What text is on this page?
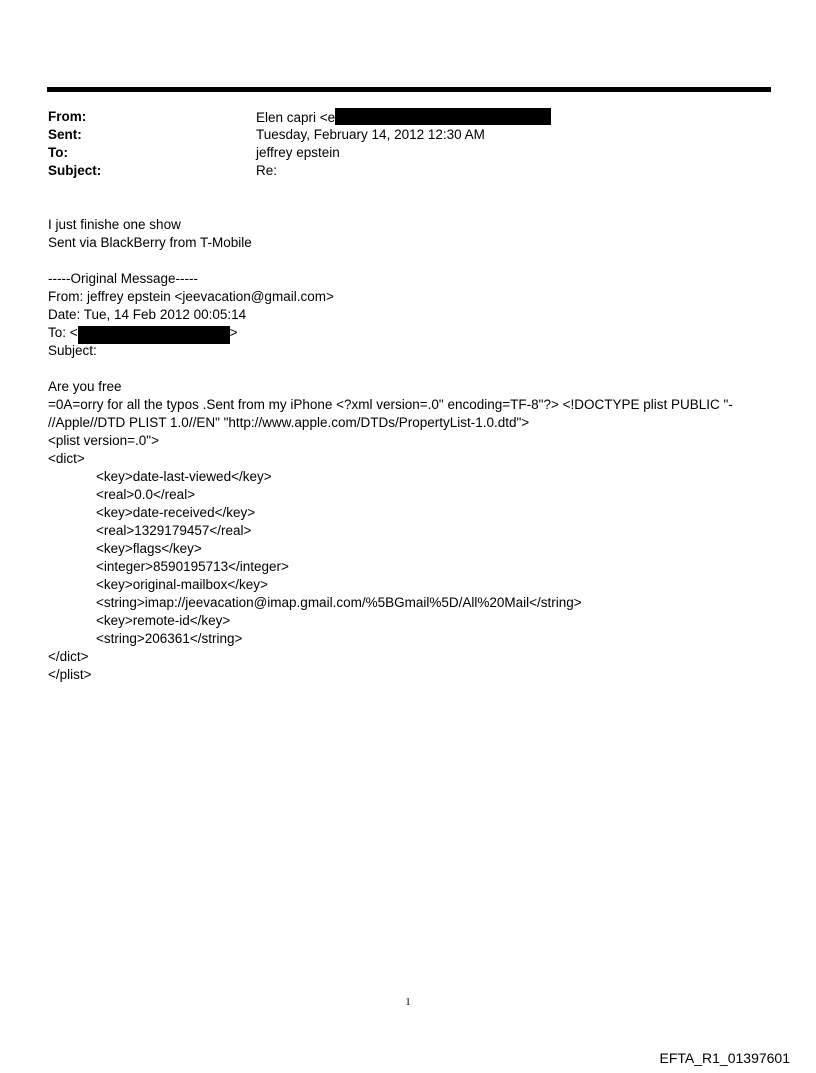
From:	Elen capri <e
Sent:	Tuesday, February 14, 2012 12:30 AM
To:	jeffrey epstein
Subject:	Re:
I just finishe one show
Sent via BlackBerry from T-Mobile
-----Original Message-----
From: jeffrey epstein <jeevacation@gmail.com>
Date: Tue, 14 Feb 2012 00:05:14
To: <	>
Subject:
Are you free
=0A=orry for all the typos .Sent from my iPhone <?xml version=.0" encoding=TF-8"?> <!DOCTYPE plist PUBLIC "-
//Apple//DTD PLIST 1.0//EN" "http://www.apple.com/DTDs/PropertyList-1.0.dtd">
<plist version=.0">
<dict>
<key>date-last-viewed</key>
<real>0.0</real>
<key>date-received</key>
<real>1329179457</real>
<key>flags</key>
<integer>8590195713</integer>
<key>original-mailbox</key>
<string>imap://jeevacation@imap.gmail.com/%5BGmail%5D/All%20Mail</string>
<key>remote-id</key>
<string>206361</string>
</dict>
</plist>
1
EFTA_R1_01397601
